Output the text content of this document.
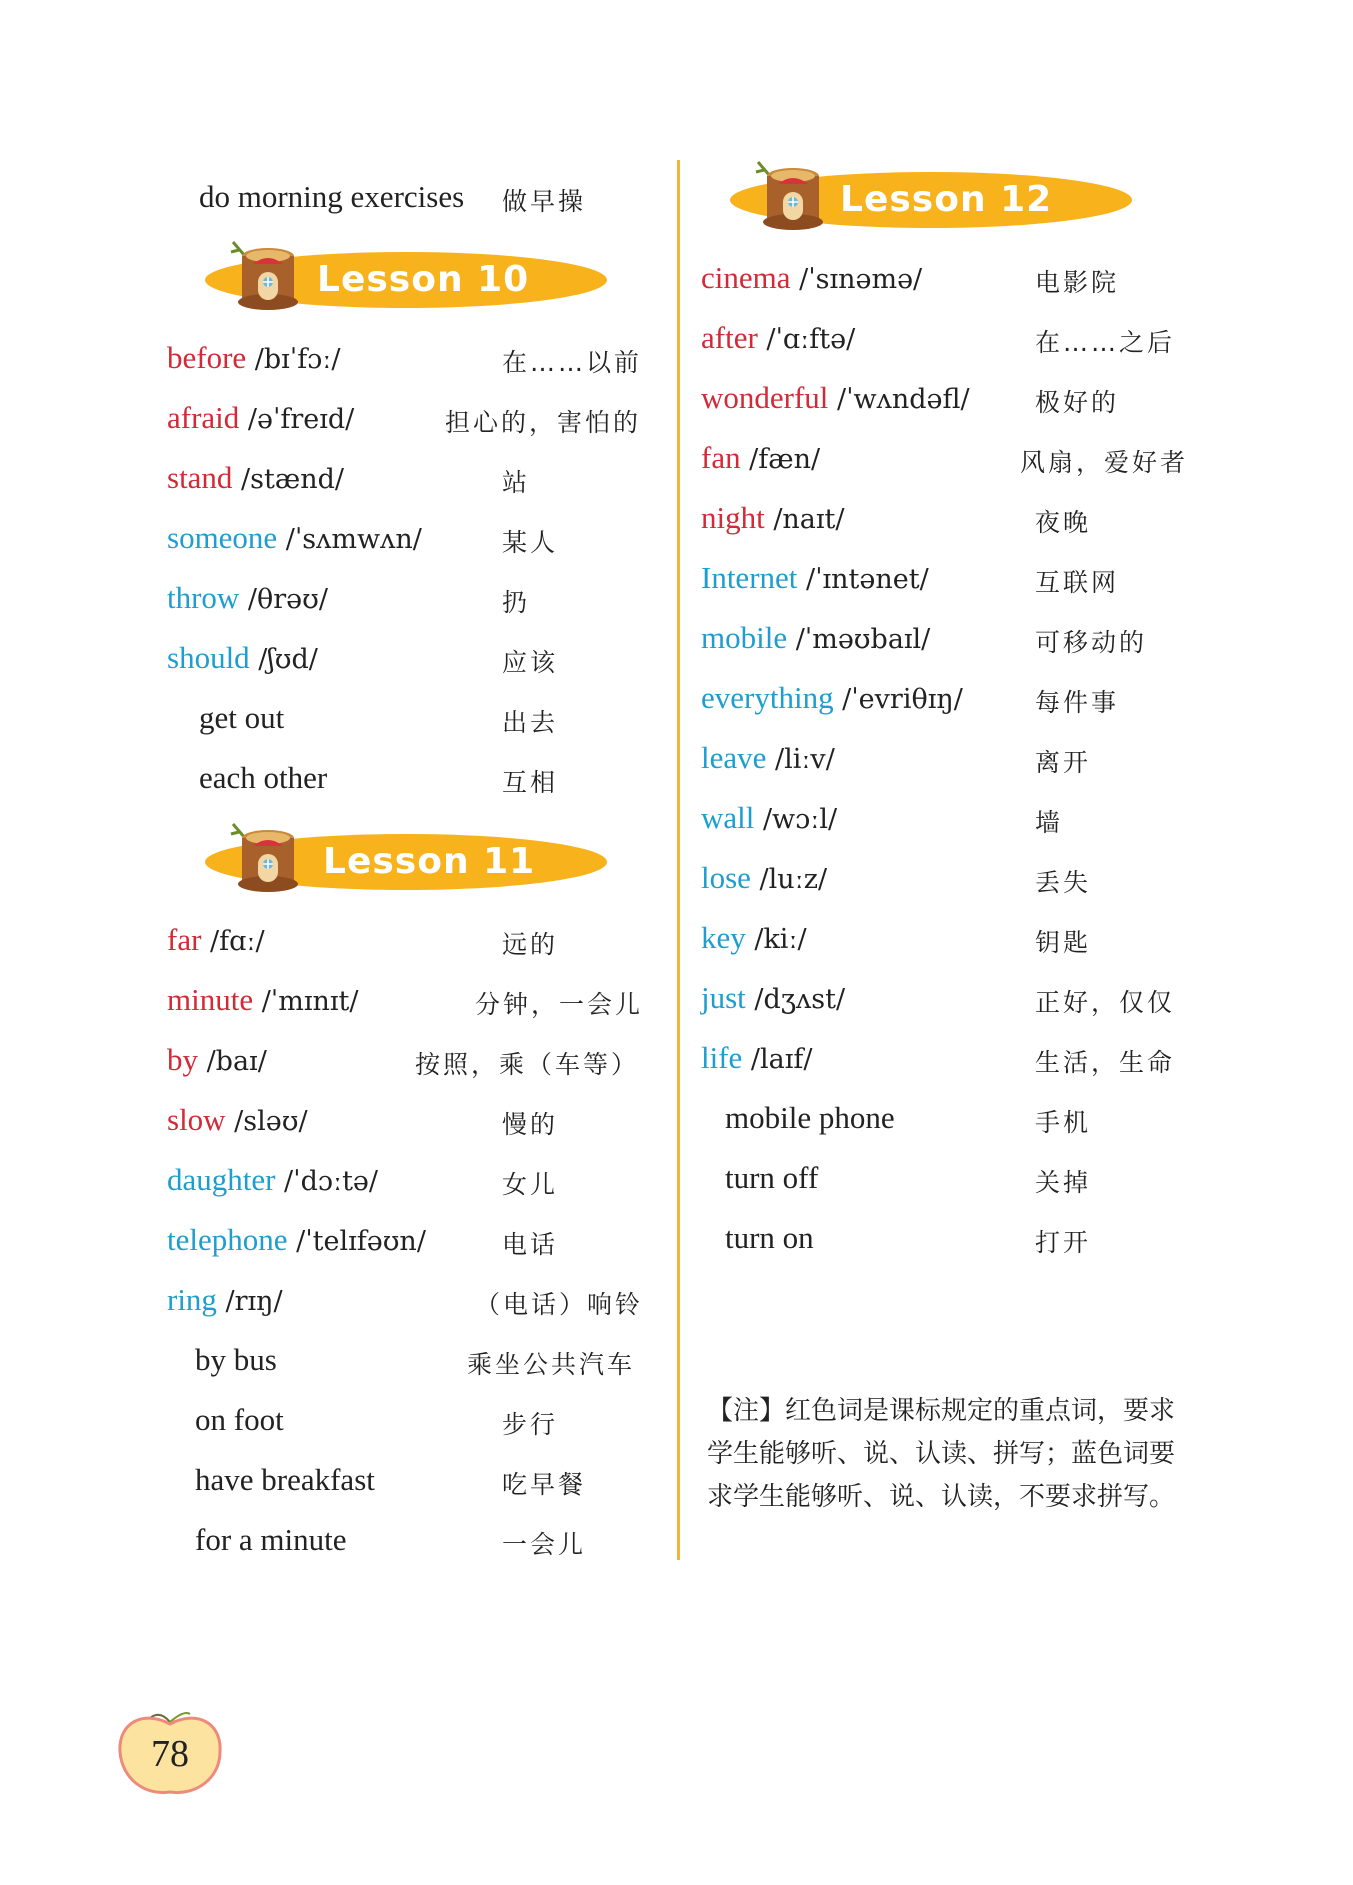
do morning exercises 做早操
Lesson 10
before /bɪˈfɔː/	在……以前
afraid /əˈfreɪd/	担心的，害怕的
stand /stænd/	站
someone /ˈsʌmwʌn/	某人
throw /θrəʊ/	扔
should /ʃʊd/	应该
get out	出去
each other	互相
Lesson 11
far /fɑː/	远的
minute /ˈmɪnɪt/	分钟，一会儿
by /baɪ/	按照，乘（车等）
slow /sləʊ/	慢的
daughter /ˈdɔːtə/	女儿
telephone /ˈtelɪfəʊn/	电话
ring /rɪŋ/	（电话）响铃
by bus	乘坐公共汽车
on foot	步行
have breakfast	吃早餐
for a minute	一会儿
Lesson 12
cinema /ˈsɪnəmə/	电影院
after /ˈɑːftə/	在……之后
wonderful /ˈwʌndəfl/	极好的
fan /fæn/	风扇，爱好者
night /naɪt/	夜晚
Internet /ˈɪntənet/	互联网
mobile /ˈməʊbaɪl/	可移动的
everything /ˈevriθɪŋ/	每件事
leave /liːv/	离开
wall /wɔːl/	墙
lose /luːz/	丢失
key /kiː/	钥匙
just /dʒʌst/	正好，仅仅
life /laɪf/	生活，生命
mobile phone	手机
turn off	关掉
turn on	打开
【注】红色词是课标规定的重点词，要求学生能够听、说、认读、拼写；蓝色词要求学生能够听、说、认读，不要求拼写。
78
